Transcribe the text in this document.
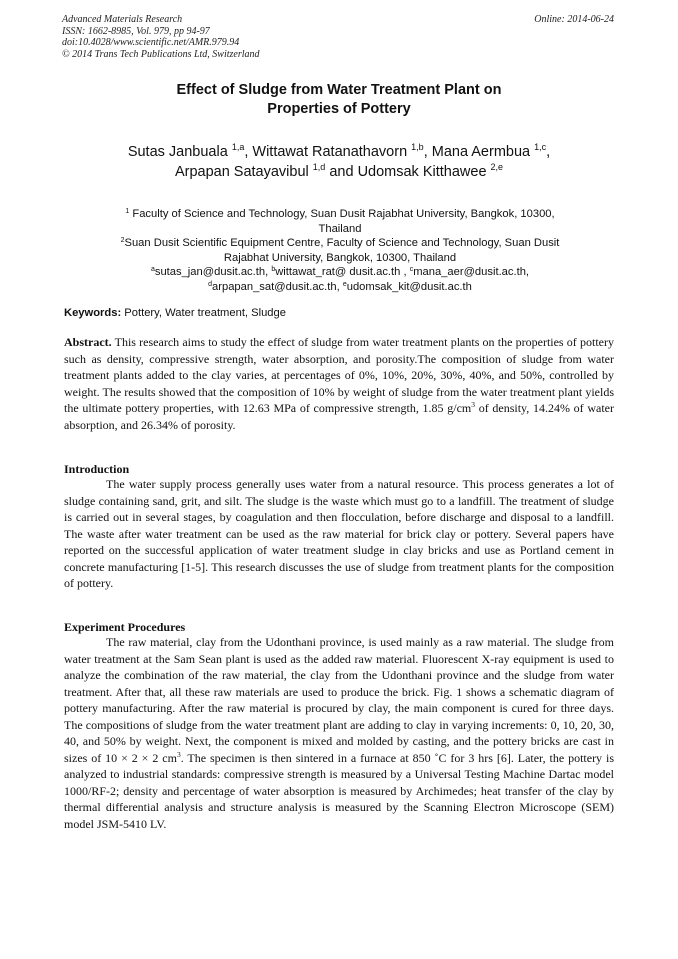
Advanced Materials Research
ISSN: 1662-8985, Vol. 979, pp 94-97
doi:10.4028/www.scientific.net/AMR.979.94
© 2014 Trans Tech Publications Ltd, Switzerland
Online: 2014-06-24
Effect of Sludge from Water Treatment Plant on
Properties of Pottery
Sutas Janbuala $^{1,a}$, Wittawat Ratanathavorn $^{1,b}$, Mana Aermbua $^{1,c}$,
Arpapan Satayavibul $^{1,d}$ and Udomsak Kitthawee $^{2,e}$
$^1$ Faculty of Science and Technology, Suan Dusit Rajabhat University, Bangkok, 10300,
Thailand
$^2$Suan Dusit Scientific Equipment Centre, Faculty of Science and Technology, Suan Dusit
Rajabhat University, Bangkok, 10300, Thailand
$^a$sutas_jan@dusit.ac.th, $^b$wittawat_rat@ dusit.ac.th , $^c$mana_aer@dusit.ac.th,
$^d$arpapan_sat@dusit.ac.th, $^e$udomsak_kit@dusit.ac.th
Keywords: Pottery, Water treatment, Sludge

Abstract. This research aims to study the effect of sludge from water treatment plants on the properties of pottery such as density, compressive strength, water absorption, and porosity.The composition of sludge from water treatment plants added to the clay varies, at percentages of 0%, 10%, 20%, 30%, 40%, and 50%, controlled by weight. The results showed that the composition of 10% by weight of sludge from the water treatment plant yields the ultimate pottery properties, with 12.63 MPa of compressive strength, 1.85 $g/cm^3$ of density, 14.24% of water absorption, and 26.34% of porosity.

Introduction

The water supply process generally uses water from a natural resource. This process generates a lot of sludge containing sand, grit, and silt. The sludge is the waste which must go to a landfill. The treatment of sludge is carried out in several stages, by coagulation and then flocculation, before discharge and disposal to a landfill. The waste after water treatment can be used as the raw material for brick clay or pottery. Several papers have reported on the successful application of water treatment sludge in clay bricks and use as Portland cement in concrete manufacturing [1-5]. This research discusses the use of sludge from treatment plants for the composition of pottery.

Experiment Procedures

The raw material, clay from the Udonthani province, is used mainly as a raw material. The sludge from water treatment at the Sam Sean plant is used as the added raw material. Fluorescent X-ray equipment is used to analyze the combination of the raw material, the clay from the Udonthani province and the sludge from water treatment. After that, all these raw materials are used to produce the brick. Fig. 1 shows a schematic diagram of pottery manufacturing. After the raw material is procured by clay, the main component is cured for three days. The compositions of sludge from the water treatment plant are adding to clay in varying increments: 0, 10, 20, 30, 40, and 50% by weight. Next, the component is mixed and molded by casting, and the pottery bricks are cast in sizes of 10 × 2 × 2 $cm^3$. The specimen is then sintered in a furnace at 850 ˚C for 3 hrs [6]. Later, the pottery is analyzed to industrial standards: compressive strength is measured by a Universal Testing Machine Dartac model 1000/RF-2; density and percentage of water absorption is measured by Archimedes; heat transfer of the clay by thermal differential analysis and structure analysis is measured by the Scanning Electron Microscope (SEM) model JSM-5410 LV.
